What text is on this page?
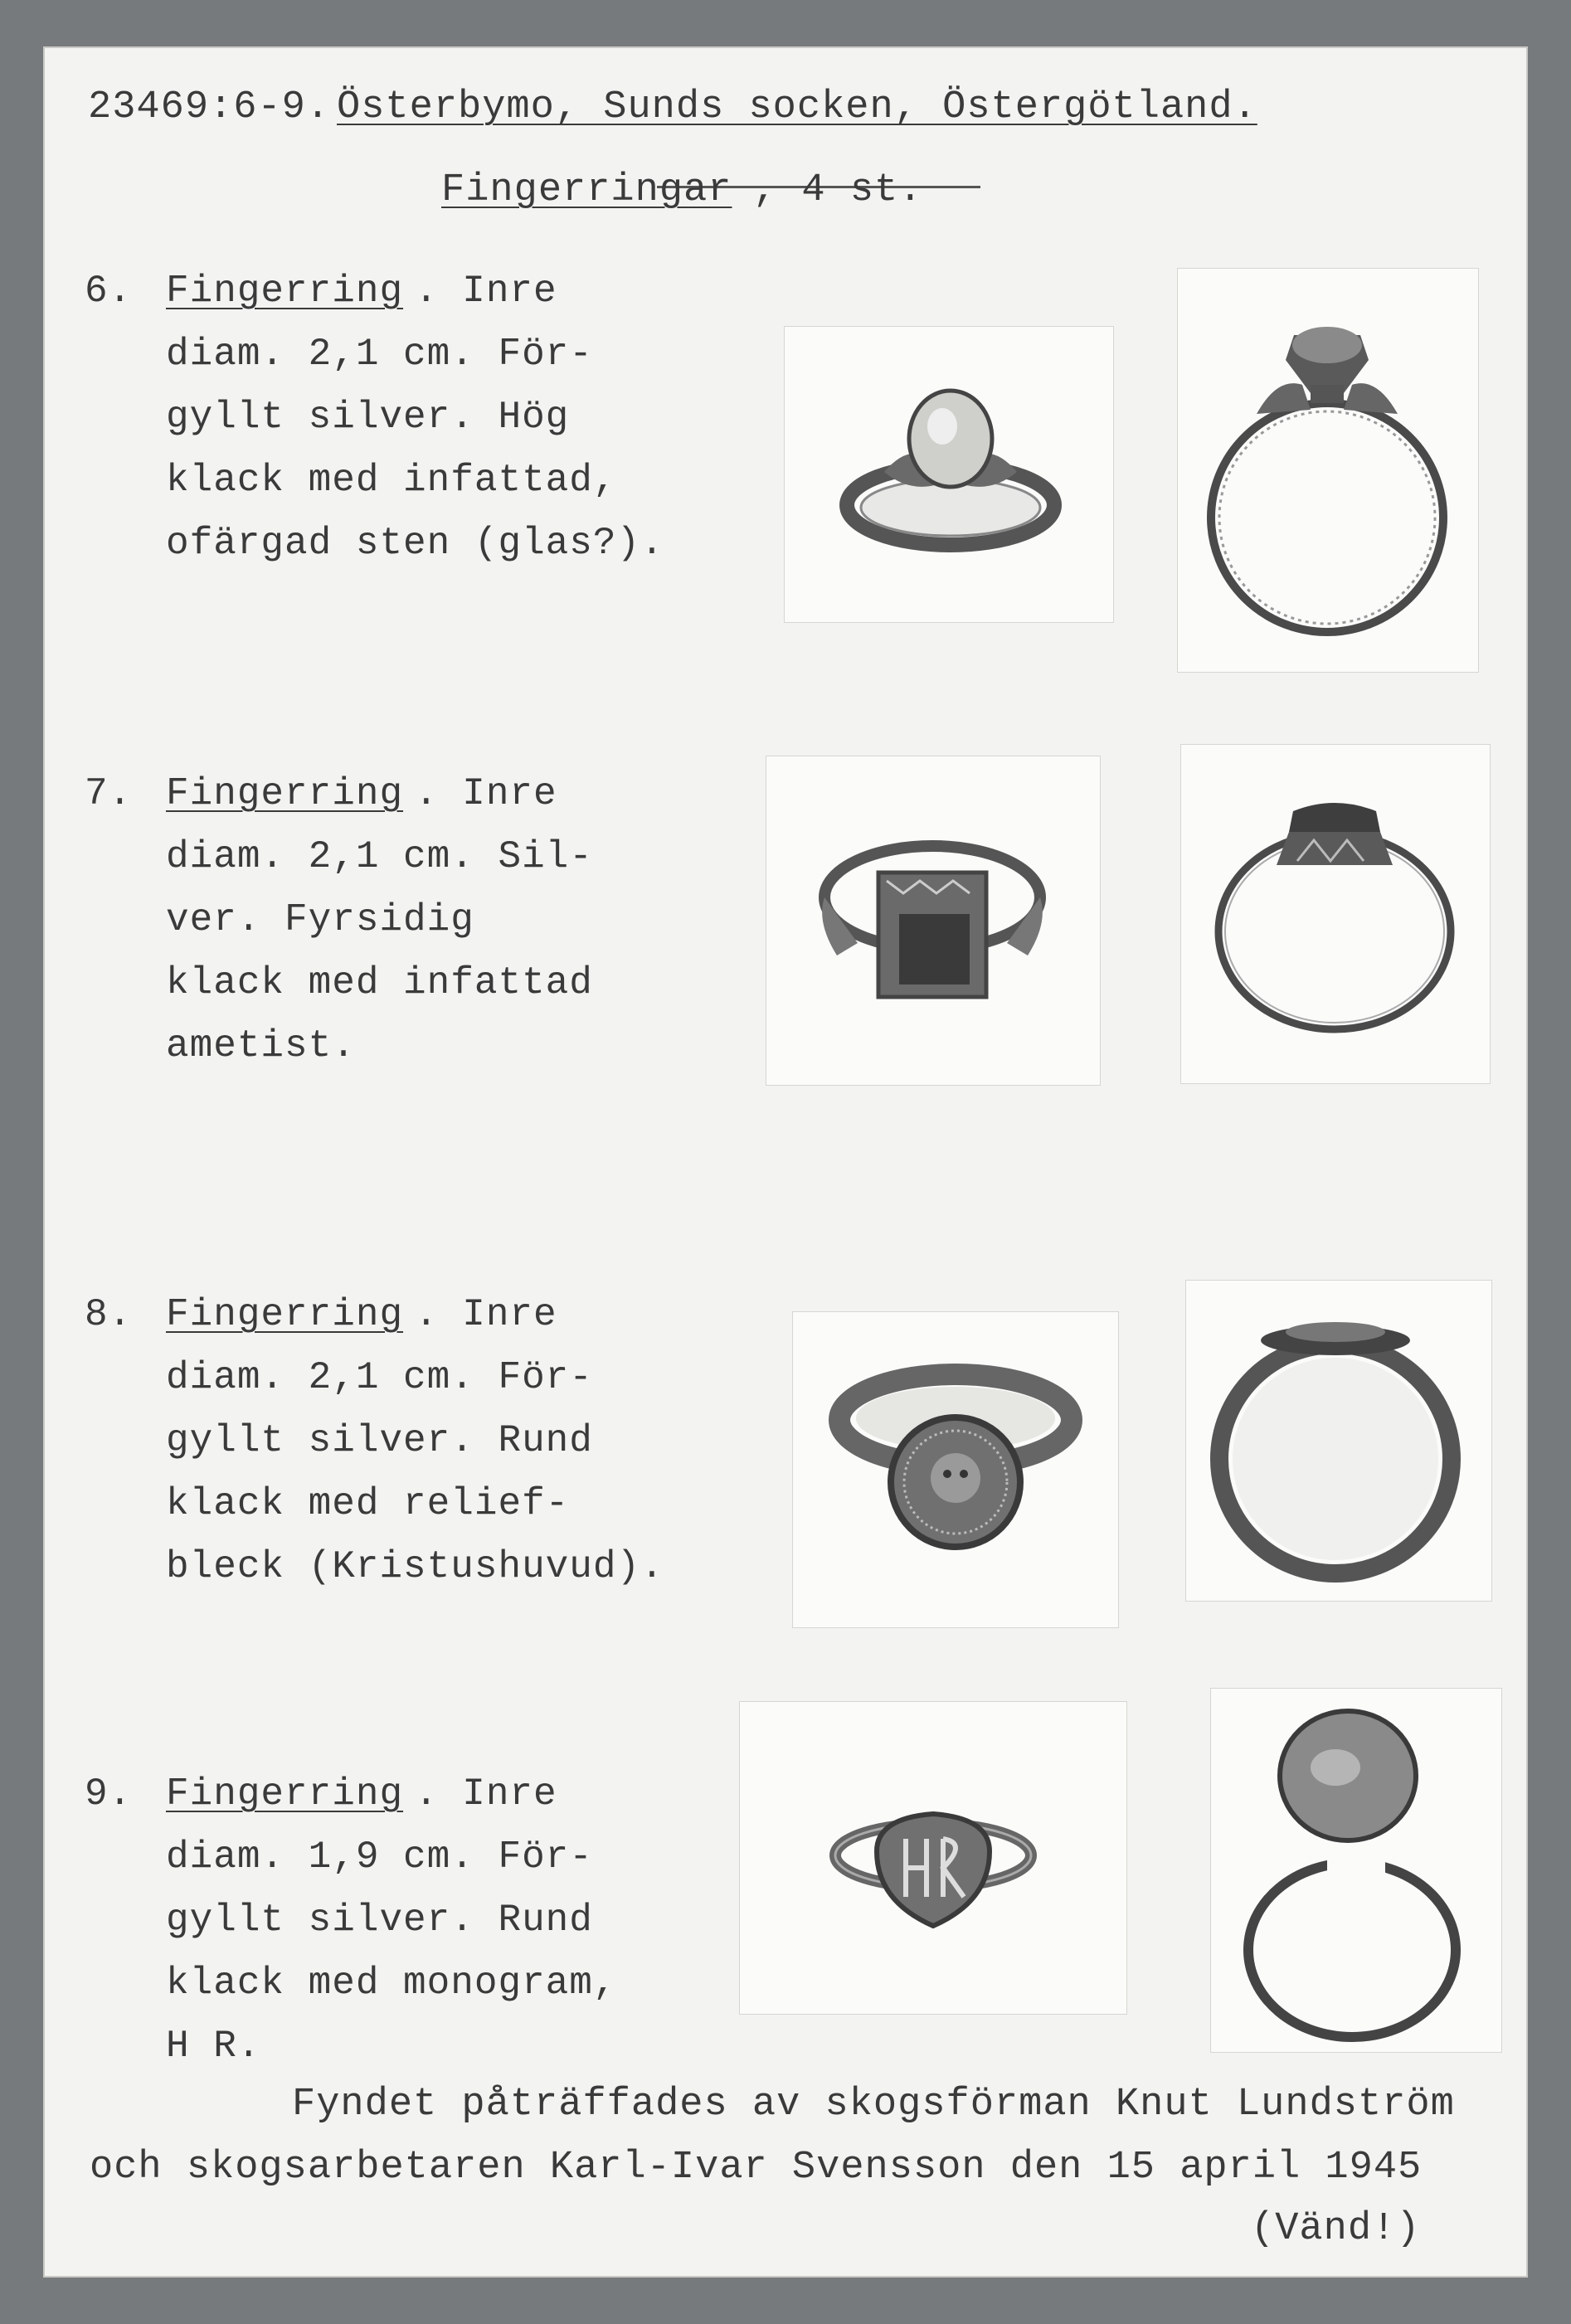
23469:6-9. Österbymo, Sunds socken, Östergötland.
Fingerringar , 4 st.
6. Fingerring . Inre
diam. 2,1 cm. För-
gyllt silver. Hög
klack med infattad,
ofärgad sten (glas?).
7. Fingerring . Inre
diam. 2,1 cm. Sil-
ver. Fyrsidig
klack med infattad
ametist.
8. Fingerring . Inre
diam. 2,1 cm. För-
gyllt silver. Rund
klack med relief-
bleck (Kristushuvud).
9. Fingerring . Inre
diam. 1,9 cm. För-
gyllt silver. Rund
klack med monogram,
H R.
Fyndet påträffades av skogsförman Knut Lundström
och skogsarbetaren Karl-Ivar Svensson den 15 april 1945
(Vänd!)
